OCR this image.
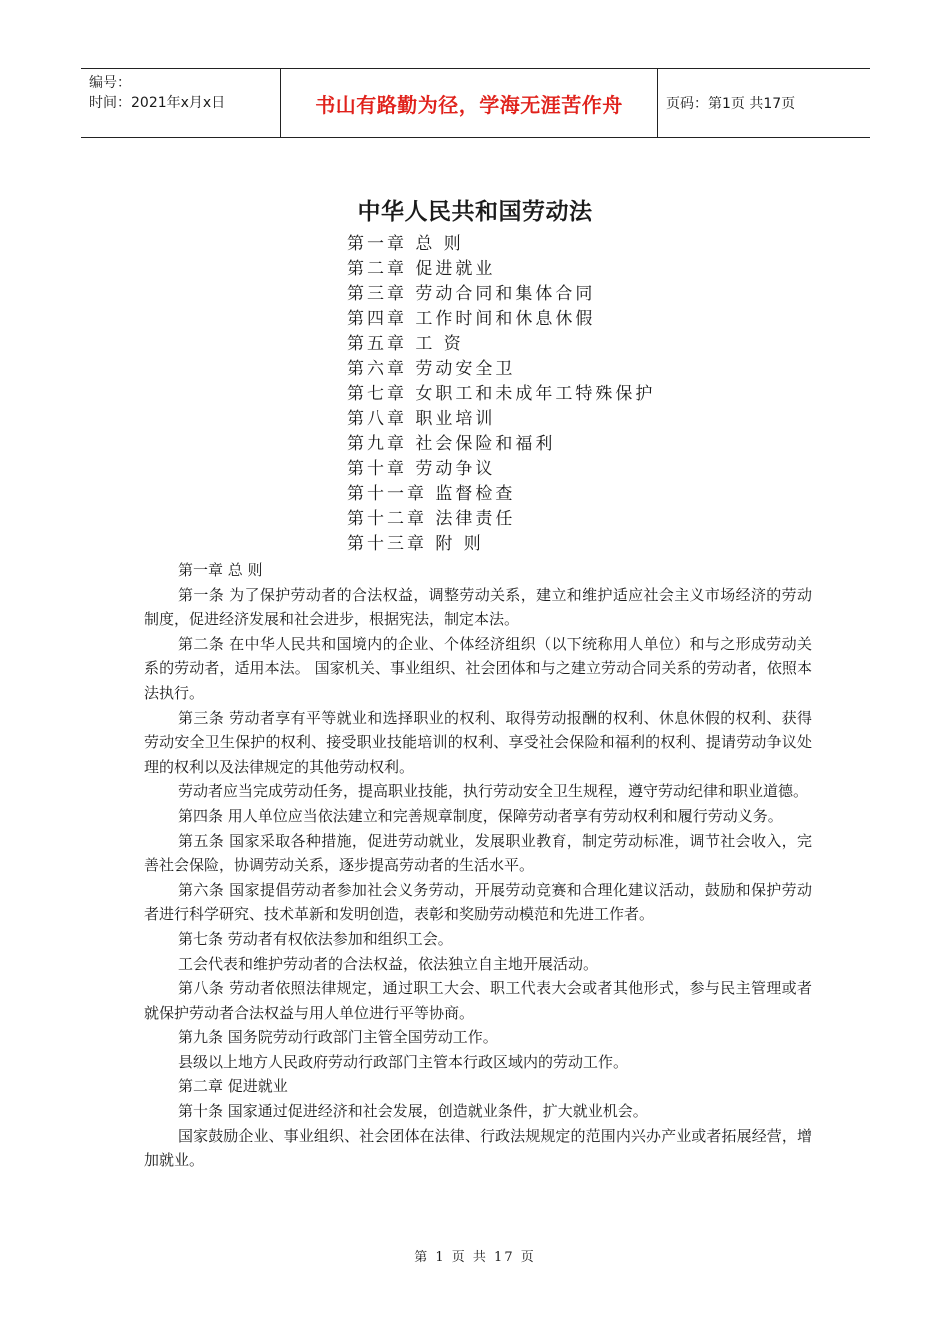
编号：
时间：2021年x月x日	书山有路勤为径，学海无涯苦作舟	页码：第1页 共17页
中华人民共和国劳动法
第一章 总 则
第二章 促进就业
第三章 劳动合同和集体合同
第四章 工作时间和休息休假
第五章 工 资
第六章 劳动安全卫
第七章 女职工和未成年工特殊保护
第八章 职业培训
第九章 社会保险和福利
第十章 劳动争议
第十一章 监督检查
第十二章 法律责任
第十三章 附 则

第一章 总 则

第一条 为了保护劳动者的合法权益，调整劳动关系，建立和维护适应社会主义市场经济的劳动制度，促进经济发展和社会进步，根据宪法，制定本法。

第二条 在中华人民共和国境内的企业、个体经济组织（以下统称用人单位）和与之形成劳动关系的劳动者，适用本法。 国家机关、事业组织、社会团体和与之建立劳动合同关系的劳动者，依照本法执行。

第三条 劳动者享有平等就业和选择职业的权利、取得劳动报酬的权利、休息休假的权利、获得劳动安全卫生保护的权利、接受职业技能培训的权利、享受社会保险和福利的权利、提请劳动争议处理的权利以及法律规定的其他劳动权利。

劳动者应当完成劳动任务，提高职业技能，执行劳动安全卫生规程，遵守劳动纪律和职业道德。

第四条 用人单位应当依法建立和完善规章制度，保障劳动者享有劳动权利和履行劳动义务。

第五条 国家采取各种措施，促进劳动就业，发展职业教育，制定劳动标准，调节社会收入，完善社会保险，协调劳动关系，逐步提高劳动者的生活水平。

第六条 国家提倡劳动者参加社会义务劳动，开展劳动竞赛和合理化建议活动，鼓励和保护劳动者进行科学研究、技术革新和发明创造，表彰和奖励劳动模范和先进工作者。

第七条 劳动者有权依法参加和组织工会。

工会代表和维护劳动者的合法权益，依法独立自主地开展活动。

第八条 劳动者依照法律规定，通过职工大会、职工代表大会或者其他形式，参与民主管理或者就保护劳动者合法权益与用人单位进行平等协商。

第九条 国务院劳动行政部门主管全国劳动工作。

县级以上地方人民政府劳动行政部门主管本行政区域内的劳动工作。

第二章 促进就业

第十条 国家通过促进经济和社会发展，创造就业条件，扩大就业机会。

国家鼓励企业、事业组织、社会团体在法律、行政法规规定的范围内兴办产业或者拓展经营，增加就业。

第 1 页 共 17 页
